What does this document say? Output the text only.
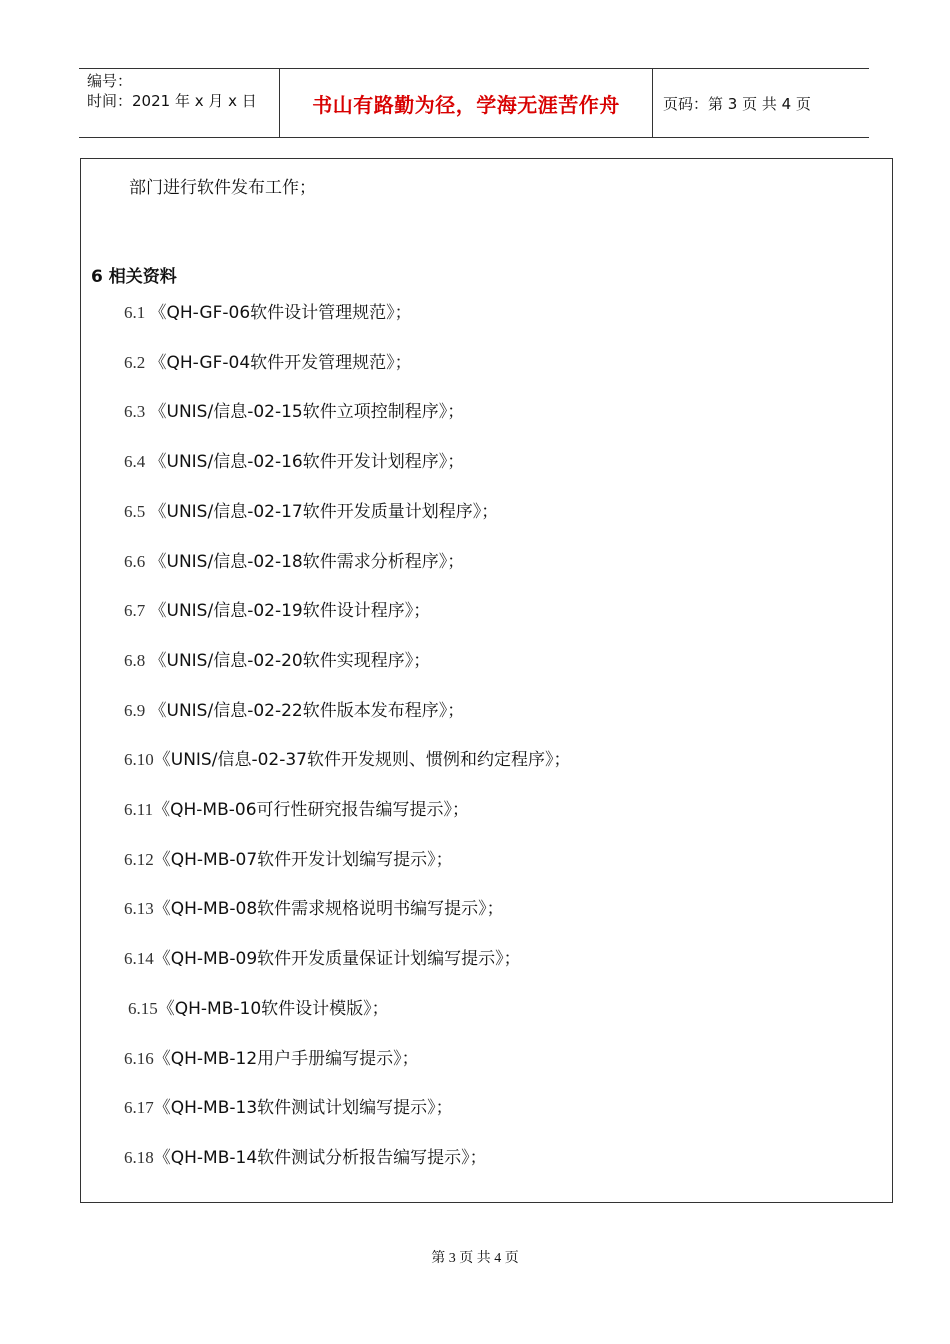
编号：
时间：2021 年 x 月 x 日	书山有路勤为径，学海无涯苦作舟	页码：第 3 页 共 4 页
部门进行软件发布工作；
6 相关资料
6.1 《QH-GF-06软件设计管理规范》；
6.2 《QH-GF-04软件开发管理规范》；
6.3 《UNIS/信息-02-15软件立项控制程序》；
6.4 《UNIS/信息-02-16软件开发计划程序》；
6.5 《UNIS/信息-02-17软件开发质量计划程序》；
6.6 《UNIS/信息-02-18软件需求分析程序》；
6.7 《UNIS/信息-02-19软件设计程序》；
6.8 《UNIS/信息-02-20软件实现程序》；
6.9 《UNIS/信息-02-22软件版本发布程序》；
6.10《UNIS/信息-02-37软件开发规则、惯例和约定程序》；
6.11《QH-MB-06可行性研究报告编写提示》；
6.12《QH-MB-07软件开发计划编写提示》；
6.13《QH-MB-08软件需求规格说明书编写提示》；
6.14《QH-MB-09软件开发质量保证计划编写提示》；
6.15《QH-MB-10软件设计模版》；
6.16《QH-MB-12用户手册编写提示》；
6.17《QH-MB-13软件测试计划编写提示》；
6.18《QH-MB-14软件测试分析报告编写提示》；
第 3 页 共 4 页
